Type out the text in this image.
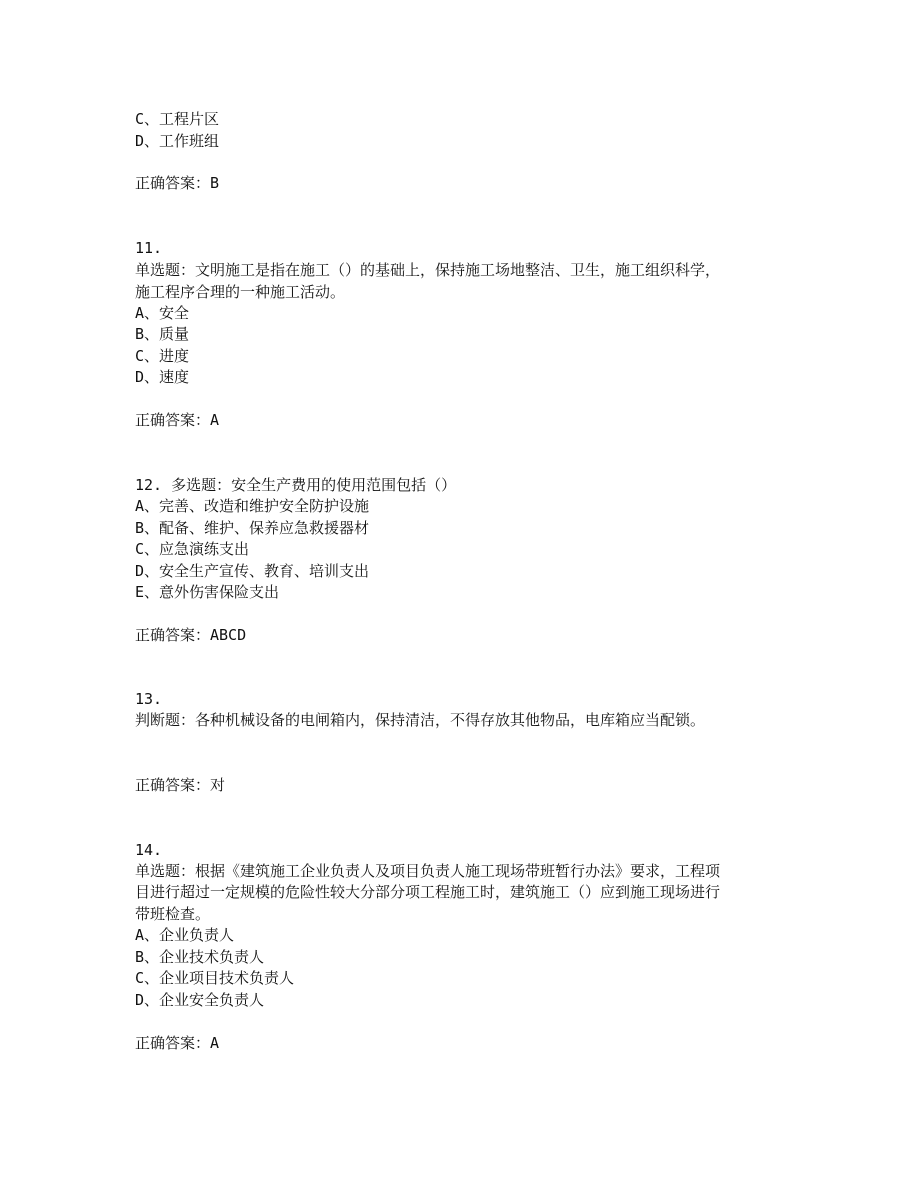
C、工程片区
D、工作班组
正确答案：B
11.
单选题：文明施工是指在施工（）的基础上，保持施工场地整洁、卫生，施工组织科学，
施工程序合理的一种施工活动。
A、安全
B、质量
C、进度
D、速度
正确答案：A
12. 多选题：安全生产费用的使用范围包括（）
A、完善、改造和维护安全防护设施
B、配备、维护、保养应急救援器材
C、应急演练支出
D、安全生产宣传、教育、培训支出
E、意外伤害保险支出
正确答案：ABCD
13.
判断题：各种机械设备的电闸箱内，保持清洁，不得存放其他物品，电库箱应当配锁。
正确答案：对
14.
单选题：根据《建筑施工企业负责人及项目负责人施工现场带班暂行办法》要求，工程项
目进行超过一定规模的危险性较大分部分项工程施工时，建筑施工（）应到施工现场进行
带班检查。
A、企业负责人
B、企业技术负责人
C、企业项目技术负责人
D、企业安全负责人
正确答案：A
